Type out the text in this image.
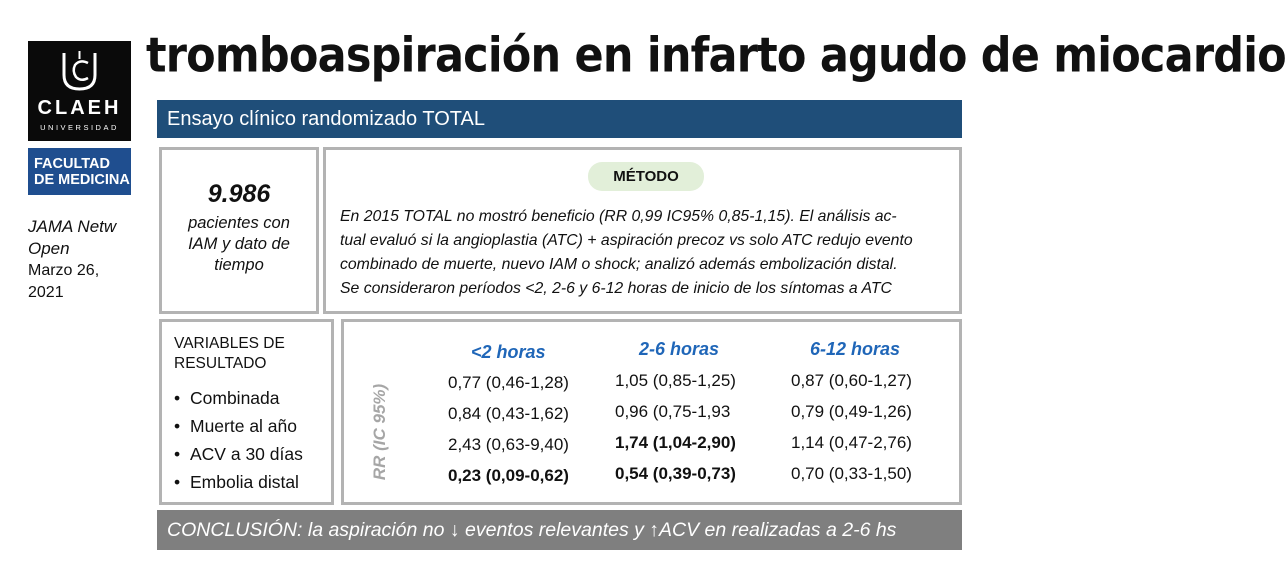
CLAEH
UNIVERSIDAD
FACULTAD
DE MEDICINA
tromboaspiración en infarto agudo de miocardio
Ensayo clínico randomizado TOTAL
JAMA Netw
Open
Marzo 26,
2021
9.986
pacientes con
IAM y dato de
tiempo
MÉTODO
En 2015 TOTAL no mostró beneficio (RR 0,99 IC95% 0,85-1,15). El análisis ac-
tual evaluó si la angioplastia (ATC) + aspiración precoz vs solo ATC redujo evento
combinado de muerte, nuevo IAM o shock; analizó además embolización distal.
Se consideraron períodos <2, 2-6 y 6-12 horas de inicio de los síntomas a ATC
VARIABLES DE
RESULTADO
• Combinada
• Muerte al año
• ACV a 30 días
• Embolia distal
RR (IC 95%)
<2 horas	2-6 horas	6-12 horas
0,77 (0,46-1,28)	1,05 (0,85-1,25)	0,87 (0,60-1,27)
0,84 (0,43-1,62)	0,96 (0,75-1,93	0,79 (0,49-1,26)
2,43 (0,63-9,40)	1,74 (1,04-2,90)	1,14 (0,47-2,76)
0,23 (0,09-0,62)	0,54 (0,39-0,73)	0,70 (0,33-1,50)
CONCLUSIÓN: la aspiración no ↓ eventos relevantes y ↑ACV en realizadas a 2-6 hs
